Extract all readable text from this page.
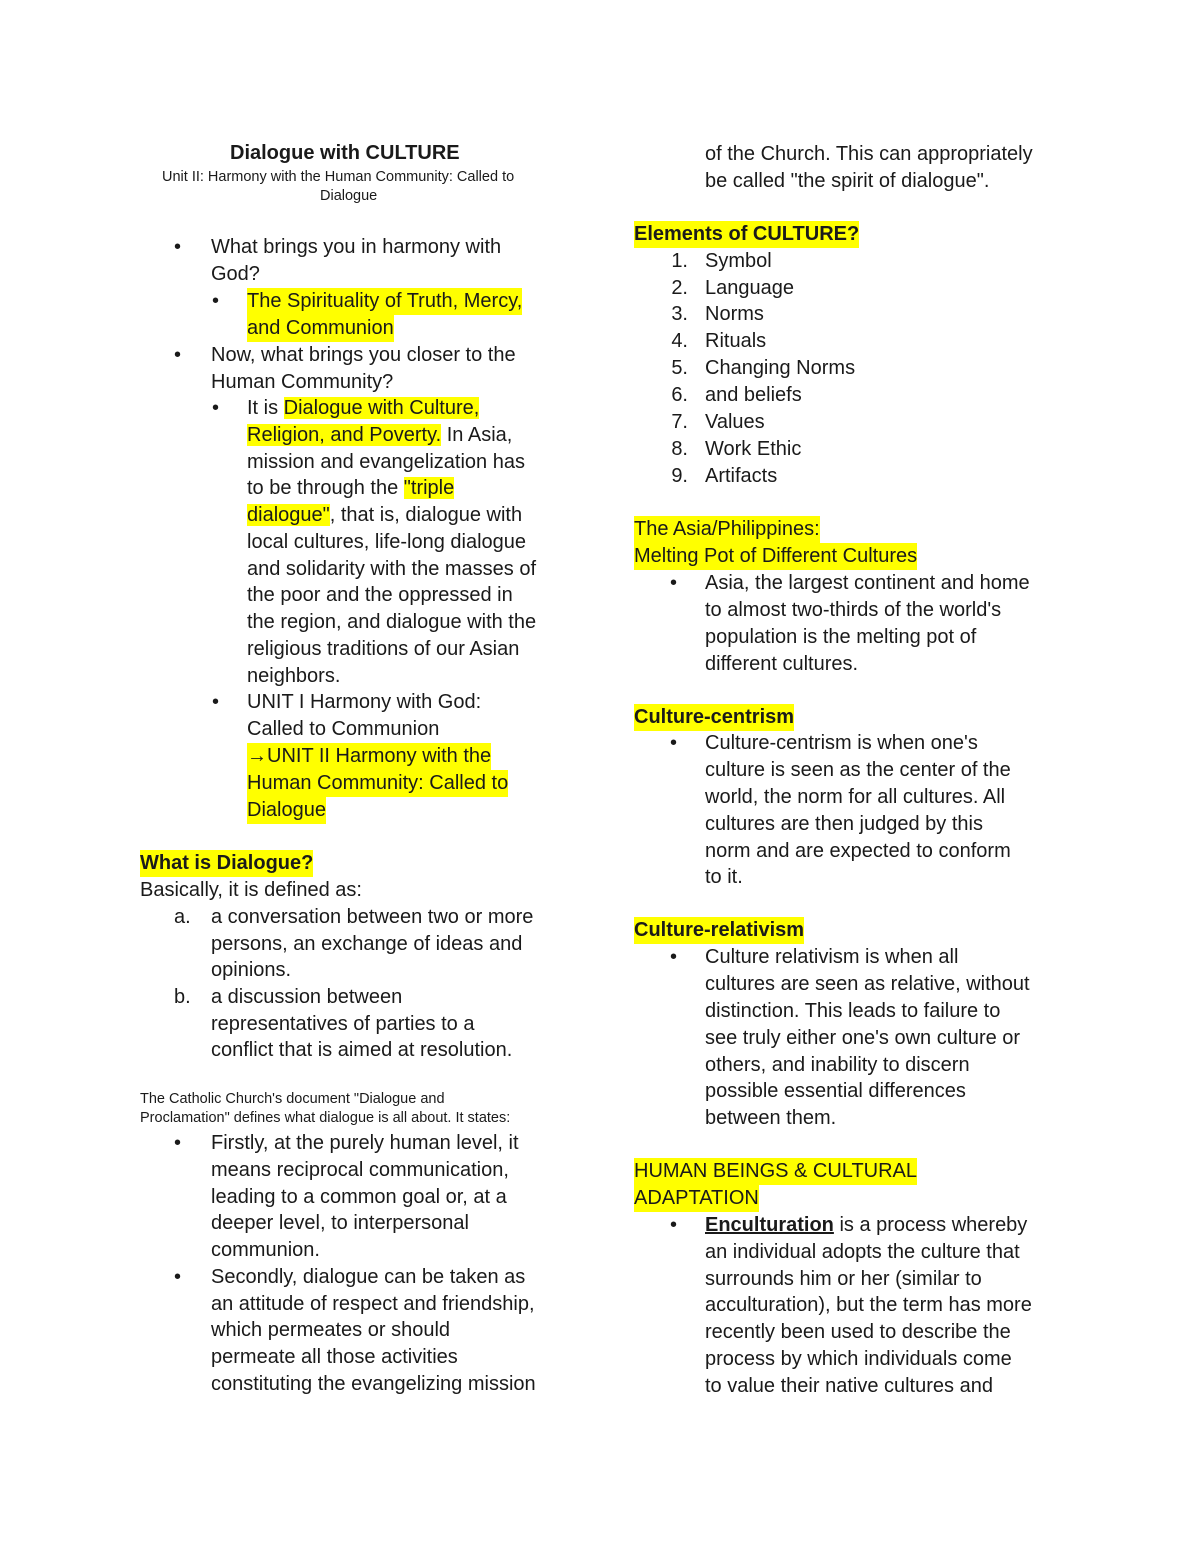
Dialogue with CULTURE
Unit II: Harmony with the Human Community: Called to
Dialogue
• What brings you in harmony with
God?
• The Spirituality of Truth, Mercy,
and Communion
• Now, what brings you closer to the
Human Community?
• It is Dialogue with Culture,
Religion, and Poverty. In Asia,
mission and evangelization has
to be through the "triple
dialogue", that is, dialogue with
local cultures, life-long dialogue
and solidarity with the masses of
the poor and the oppressed in
the region, and dialogue with the
religious traditions of our Asian
neighbors.
• UNIT I Harmony with God:
Called to Communion
→UNIT II Harmony with the
Human Community: Called to
Dialogue
What is Dialogue?
Basically, it is defined as:
a. a conversation between two or more
persons, an exchange of ideas and
opinions.
b. a discussion between
representatives of parties to a
conflict that is aimed at resolution.
The Catholic Church's document "Dialogue and
Proclamation" defines what dialogue is all about. It states:
• Firstly, at the purely human level, it
means reciprocal communication,
leading to a common goal or, at a
deeper level, to interpersonal
communion.
• Secondly, dialogue can be taken as
an attitude of respect and friendship,
which permeates or should
permeate all those activities
constituting the evangelizing mission
of the Church. This can appropriately
be called "the spirit of dialogue".
Elements of CULTURE?
1. Symbol
2. Language
3. Norms
4. Rituals
5. Changing Norms
6. and beliefs
7. Values
8. Work Ethic
9. Artifacts
The Asia/Philippines:
Melting Pot of Different Cultures
• Asia, the largest continent and home
to almost two-thirds of the world's
population is the melting pot of
different cultures.
Culture-centrism
• Culture-centrism is when one's
culture is seen as the center of the
world, the norm for all cultures. All
cultures are then judged by this
norm and are expected to conform
to it.
Culture-relativism
• Culture relativism is when all
cultures are seen as relative, without
distinction. This leads to failure to
see truly either one's own culture or
others, and inability to discern
possible essential differences
between them.
HUMAN BEINGS & CULTURAL
ADAPTATION
• Enculturation is a process whereby
an individual adopts the culture that
surrounds him or her (similar to
acculturation), but the term has more
recently been used to describe the
process by which individuals come
to value their native cultures and
